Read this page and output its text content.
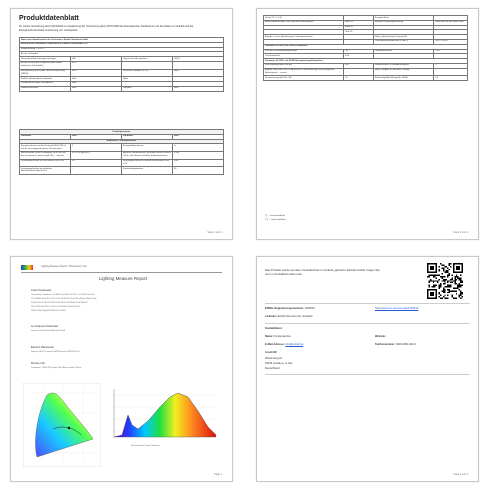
Produktdatenblatt
für solche Verordnung (EU) 2019/2015 zur Ergänzung der Verordnung (EU) 2017/1369 des Europäischen Parlaments und des Rates im Hinblick auf die Energieverbrauchskennzeichnung von Lichtquellen
Name oder Handelsmarke des Lieferanten: Einhell / Ansbach GmbH			
Anschrift des Lieferanten: Landstrasse 4, Einhell, Deutschland 1.10			
Modellkennung: 1.052.12			
Art der Lichtquelle:			
Verwendete Beleuchtungstechnologie:	LED	Ungerichtet oder gerichtet:	UGLS
Art des Sockels der Lichtquelle (oder andere elektrische Schnittstelle)	E14		
Netzspannung (MLS) oder Nicht-Netzspannung (NMLS):	MLS	Vernetzte Lichtquelle (CLS):	Nein
Farblich abstimmbare Lichtquelle:	Nein	Hülle:	
Lichtquelle mit hoher Leuchtdichte:	Nein		
Blendschutzschild:	Nein	Dimmbar:	Nein
Produktparameter			
Parameter	Wert	Parameter	Wert
Allgemeine Produktparameter			
Energieverbrauch im Ein-Zustand (kWh/1 000 h), auf die nächstliegende ganze Zahl gerundet	5	Energieeffizienzklasse	G
Nutzlichtstrom (Φuse) mit Angabe, ob er sich auf den Lichtstrom in einem Kegel (90°) ... bezieht	470 in Ku gel(360°)	Ähnliche Farbtemperatur, gerundet auf die nächsten 100 K, oder Bereich ähnlicher Farbtemperaturen	3 000
Leistungsaufnahme im Ein-Zustand (Pon) in W	4,9	Leistungsaufnahme im Bereitschaftszustand (Psb) in W	0,00
Leistungsaufnahme im vernetzten Bereitschaftszustand (Pnet)	-	Farbwiedergabeindex	80
Seite 1 von 2
Ra bei 25 °C in W		Sonstige Werte	
Äußere Abmessungen ohne separates Betriebsgerät	Höhe 98	Spektrale Strahlungsverteilung	Siehe Bild auf der letzten Seite
	Breite 35		
	Tiefe 35		
Angabe zu einer gleichwertigen Leistungsaufnahme	-	Falls ja, gleichwertige Leistung (W)	-
		Chromatizitätskoordinaten (x und y)	0,315 / 0,326
Parameter für LED- und OLED-Lichtquellen			
Wert des R9-Farbwiedergabeindex	-10	Lebensdauerfaktor	1,00
Lichtstromerhalt	0,98		
Parameter für LED- und OLED-Netzspannungslichtquellen			
Verschiebungsfaktor (cos φ1)	0,50	Farbkonsistenz in MacAdam-Ellipsen	5
Angabe, dass eine LED-Lichtquelle eine Leuchtstofflampe ohne integriertes Betriebsgerät ... ersetzt	-	Falls ja, Angabe zu ersetzter Leistung	-
Flimmermessgröße (Pst LM)	1,0	Stroboskopeffekt-Messgröße (SVM)	0,4
(*) '-': nicht zutreffend
(**) '-': nicht zutreffend
Seite 2 von 2
Lighting Measure Report / Photometric Test
Lighting Measure Report
Color Parameter
Chromaticity Coordinate: x=0.4393 y=0.4035 u'=0.2512 v'=0.5191 Duv=0.00
CCT=3000K Ratio R=17.0% G=79.4% B=3.6% Peak WL=602nm HW=27.4nm
Ra=80.6 R1=79 R2=87 R3=93 R4=78 R5=79 R6=82 R7=83 R8=62
R9=-10 R10=67 R11=77 R12=57 R13=81 R14=96 R15=72
TM-30: Rf=82 Rg=95 SDCM=4.3 (2700K)
Luminance Parameter
Luminous Flux=470 lm Efficacy=96 lm/W
Electric Parameter
Voltage=230.0V Current=0.0397A Power=4.90W PF=0.50
Device Info
Photometer: OHSP-350 Range: 380-780nm Integral: 100ms
Relative Spectral Power Distribution
Page 1
Das Produkt wurde auf dem Umweltschutz in Verkehr gebracht. Einhell GmbH, fragen Sie uns im Kontaktformular unter
EPREL-Registrierungsnummer: 1233510	https://eprel.ec.europa.eu/qr/1233510
Lieferant: Einhell Germany AG, Ansbach
Kontaktdaten:
Name: Kundenservice	Website:
E-Mail-Adresse: info@einhell.de	Telefonnummer: 0049-9951-942-0
Anschrift:
Wiesenweg 22
94405 Landau a. d. Isar
Deutschland
Seite 2 von 2
